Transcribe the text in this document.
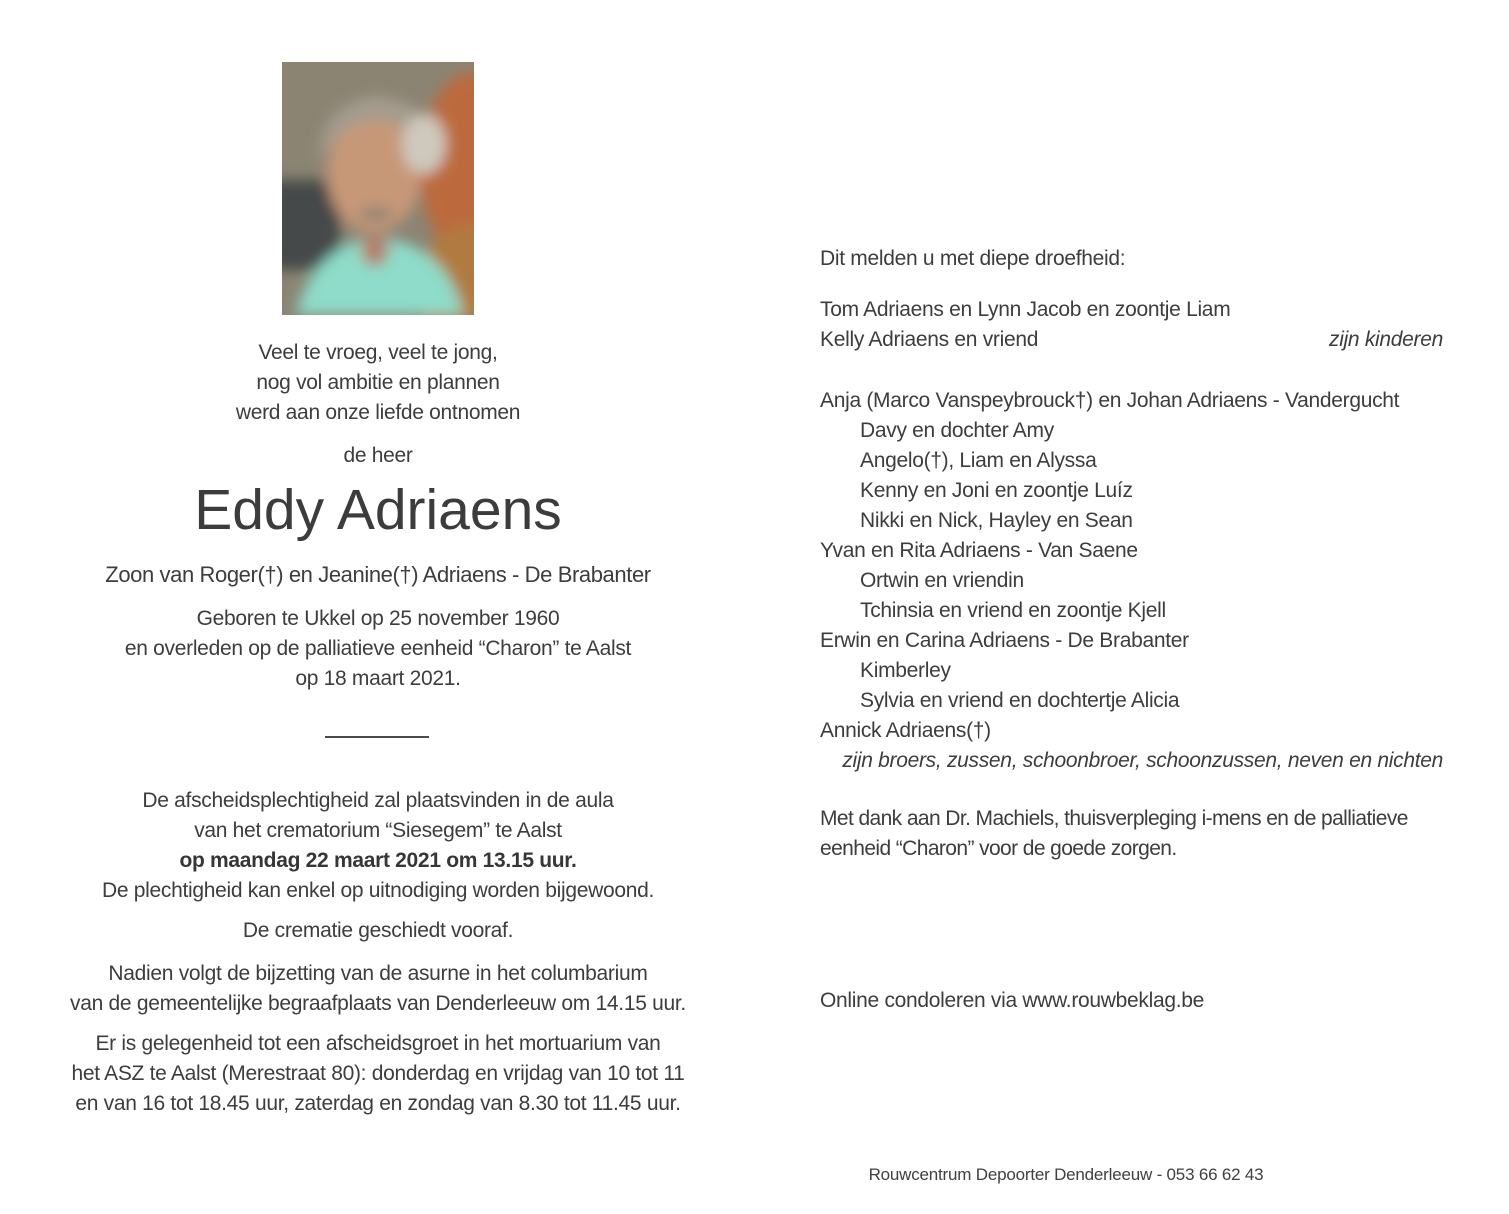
Veel te vroeg, veel te jong,
nog vol ambitie en plannen
werd aan onze liefde ontnomen
de heer
Eddy Adriaens
Zoon van Roger(†) en Jeanine(†) Adriaens - De Brabanter
Geboren te Ukkel op 25 november 1960
en overleden op de palliatieve eenheid “Charon” te Aalst
op 18 maart 2021.
De afscheidsplechtigheid zal plaatsvinden in de aula
van het crematorium “Siesegem” te Aalst
op maandag 22 maart 2021 om 13.15 uur.
De plechtigheid kan enkel op uitnodiging worden bijgewoond.
De crematie geschiedt vooraf.
Nadien volgt de bijzetting van de asurne in het columbarium
van de gemeentelijke begraafplaats van Denderleeuw om 14.15 uur.
Er is gelegenheid tot een afscheidsgroet in het mortuarium van
het ASZ te Aalst (Merestraat 80): donderdag en vrijdag van 10 tot 11
en van 16 tot 18.45 uur, zaterdag en zondag van 8.30 tot 11.45 uur.
Dit melden u met diepe droefheid:
Tom Adriaens en Lynn Jacob en zoontje Liam
Kelly Adriaens en vriend	zijn kinderen
Anja (Marco Vanspeybrouck†) en Johan Adriaens - Vandergucht
Davy en dochter Amy
Angelo(†), Liam en Alyssa
Kenny en Joni en zoontje Luíz
Nikki en Nick, Hayley en Sean
Yvan en Rita Adriaens - Van Saene
Ortwin en vriendin
Tchinsia en vriend en zoontje Kjell
Erwin en Carina Adriaens - De Brabanter
Kimberley
Sylvia en vriend en dochtertje Alicia
Annick Adriaens(†)
zijn broers, zussen, schoonbroer, schoonzussen, neven en nichten
Met dank aan Dr. Machiels, thuisverpleging i-mens en de palliatieve
eenheid “Charon” voor de goede zorgen.
Online condoleren via www.rouwbeklag.be
Rouwcentrum Depoorter Denderleeuw - 053 66 62 43
